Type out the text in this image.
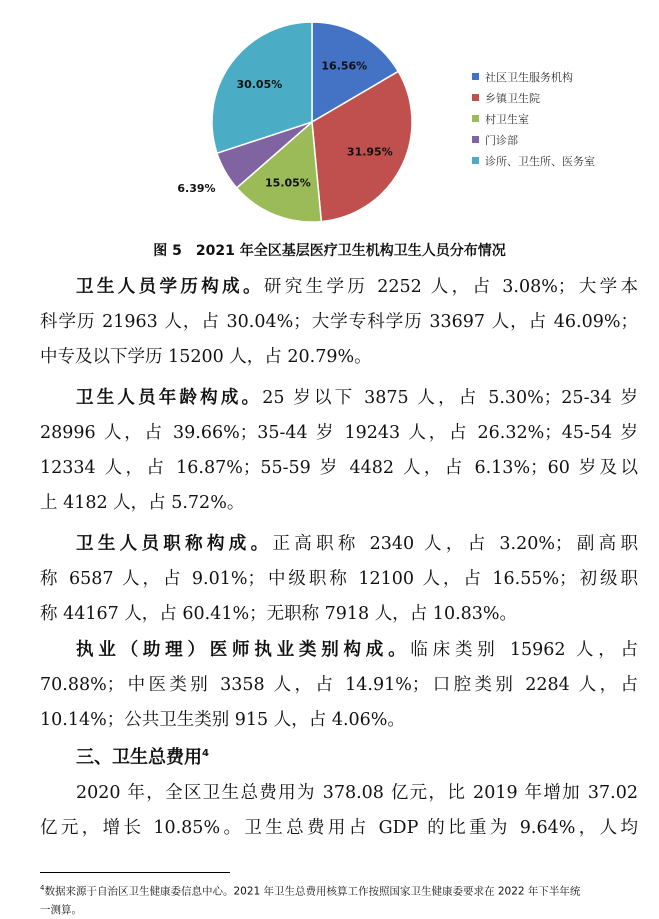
16.56%
31.95%
15.05%
6.39%
30.05%
社区卫生服务机构
乡镇卫生院
村卫生室
门诊部
诊所、卫生所、医务室
图 5　2021 年全区基层医疗卫生机构卫生人员分布情况

卫生人员学历构成。研究生学历 2252 人，占 3.08%；大学本
科学历 21963 人，占 30.04%；大学专科学历 33697 人，占 46.09%；

中专及以下学历 15200 人，占 20.79%。

卫生人员年龄构成。25 岁以下 3875 人，占 5.30%；25-34 岁
28996 人，占 39.66%；35-44 岁 19243 人，占 26.32%；45-54 岁
12334 人，占 16.87%；55-59 岁 4482 人，占 6.13%；60 岁及以

上 4182 人，占 5.72%。

卫生人员职称构成。正高职称 2340 人，占 3.20%；副高职
称 6587 人，占 9.01%；中级职称 12100 人，占 16.55%；初级职

称 44167 人，占 60.41%；无职称 7918 人，占 10.83%。

执业（助理）医师执业类别构成。临床类别 15962 人，占
70.88%；中医类别 3358 人，占 14.91%；口腔类别 2284 人，占

10.14%；公共卫生类别 915 人，占 4.06%。

三、卫生总费用$^4$

2020 年，全区卫生总费用为 378.08 亿元，比 2019 年增加 37.02
亿元，增长 10.85%。卫生总费用占 GDP 的比重为 9.64%，人均

$^4$数据来源于自治区卫生健康委信息中心。2021 年卫生总费用核算工作按照国家卫生健康委要求在 2022 年下半年统
一测算。
